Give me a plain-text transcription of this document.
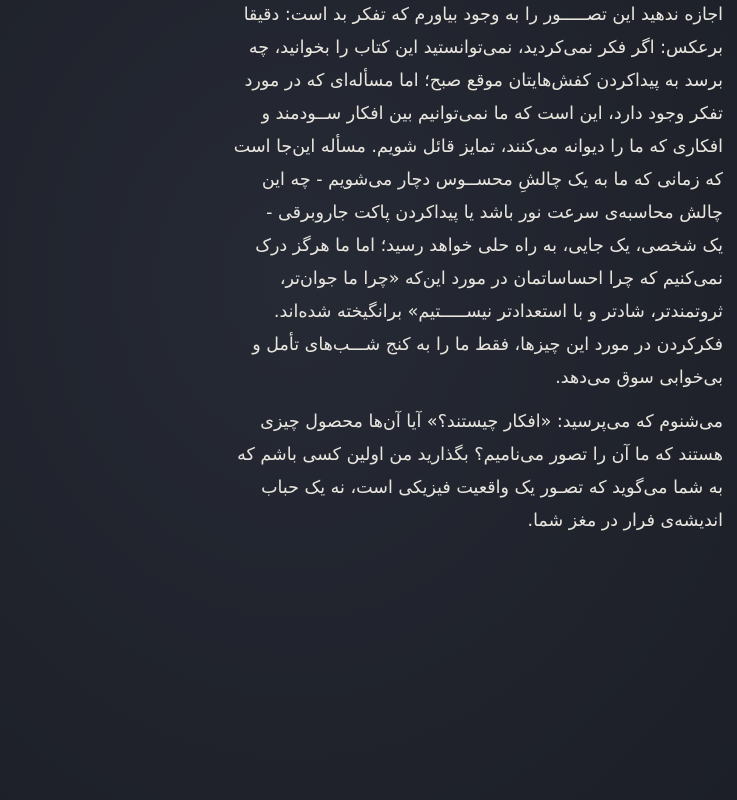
اجازه ندهید این تصـــــور را به وجود بیاورم که تفکر بد است: دقیقا
برعکس: اگر فکر نمی‌کردید، نمی‌توانستید این کتاب را بخوانید، چه
برسد به پیداکردن کفش‌هایتان موقع صبح؛ اما مسأله‌ای که در مورد
تفکر وجود دارد، این است که ما نمی‌توانیم بین افکار ســودمند و
افکاری که ما را دیوانه می‌کنند، تمایز قائل شویم. مسأله این‌جا است
که زمانی که ما به یک چالشِ محســوس دچار می‌شویم - چه این
چالش محاسبه‌ی سرعت نور باشد یا پیداکردن پاکت جاروبرقی -
یک شخصی، یک جایی، به راه حلی خواهد رسید؛ اما ما هرگز درک
نمی‌کنیم که چرا احساساتمان در مورد این‌که «چرا ما جوان‌تر،
ثروتمندتر، شادتر و با استعدادتر نیســـــتیم» برانگیخته شده‌اند.
فکرکردن در مورد این چیزها، فقط ما را به کنج شـــب‌های تأمل و
بی‌خوابی سوق می‌دهد.
می‌شنوم که می‌پرسید: «افکار چیستند؟» آیا آن‌ها محصول چیزی
هستند که ما آن را تصور می‌نامیم؟ بگذارید من اولین کسی باشم که
به شما می‌گوید که تصـور یک واقعیت فیزیکی است، نه یک حباب
اندیشه‌ی فرار در مغز شما.
